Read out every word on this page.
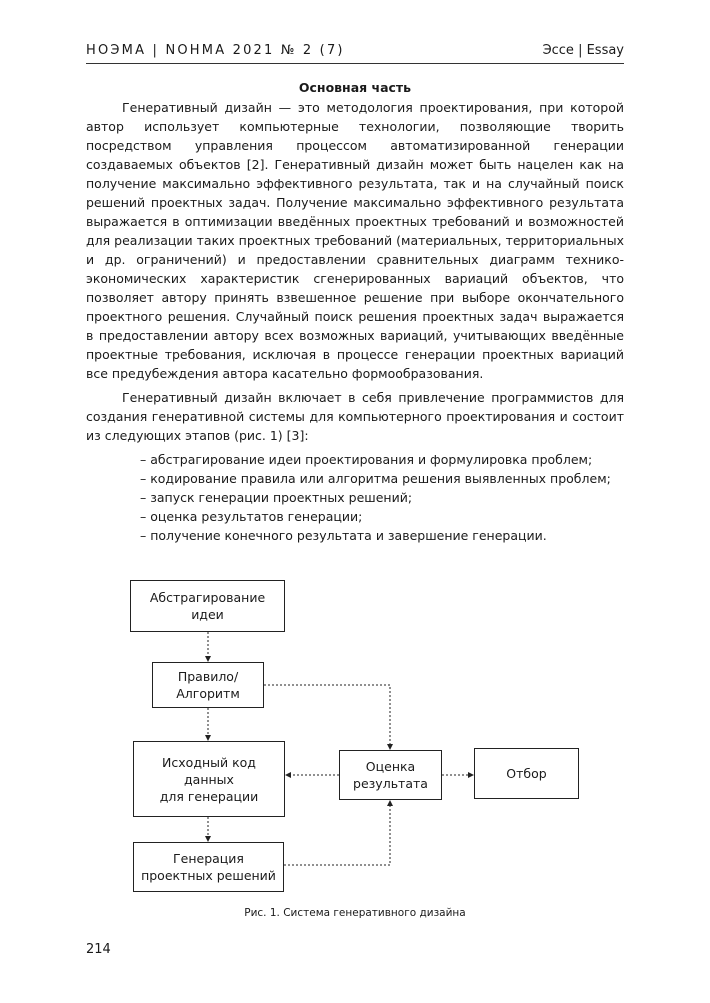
НОЭМА | NOHMA 2021 № 2 (7)	Эссе | Essay
Основная часть

Генеративный дизайн — это методология проектирования, при которой автор использует компьютерные технологии, позволяющие творить посредством управления процессом автоматизированной генерации создаваемых объектов [2]. Генеративный дизайн может быть нацелен как на получение максимально эффективного результата, так и на случайный поиск решений проектных задач. Получение максимально эффективного результата выражается в оптимизации введённых проектных требований и возможностей для реализации таких проектных требований (материальных, территориальных и др. ограничений) и предоставлении сравнительных диаграмм технико-экономических характеристик сгенерированных вариаций объектов, что позволяет автору принять взвешенное решение при выборе окончательного проектного решения. Случайный поиск решения проектных задач выражается в предоставлении автору всех возможных вариаций, учитывающих введённые проектные требования, исключая в процессе генерации проектных вариаций все предубеждения автора касательно формообразования.

Генеративный дизайн включает в себя привлечение программистов для создания генеративной системы для компьютерного проектирования и состоит из следующих этапов (рис. 1) [3]:

– абстрагирование идеи проектирования и формулировка проблем;
– кодирование правила или алгоритма решения выявленных проблем;
– запуск генерации проектных решений;
– оценка результатов генерации;
– получение конечного результата и завершение генерации.
Абстрагирование
идеи
Правило/
Алгоритм
Исходный код
данных
для генерации
Оценка
результата
Отбор
Генерация
проектных решений
Рис. 1. Система генеративного дизайна
214
